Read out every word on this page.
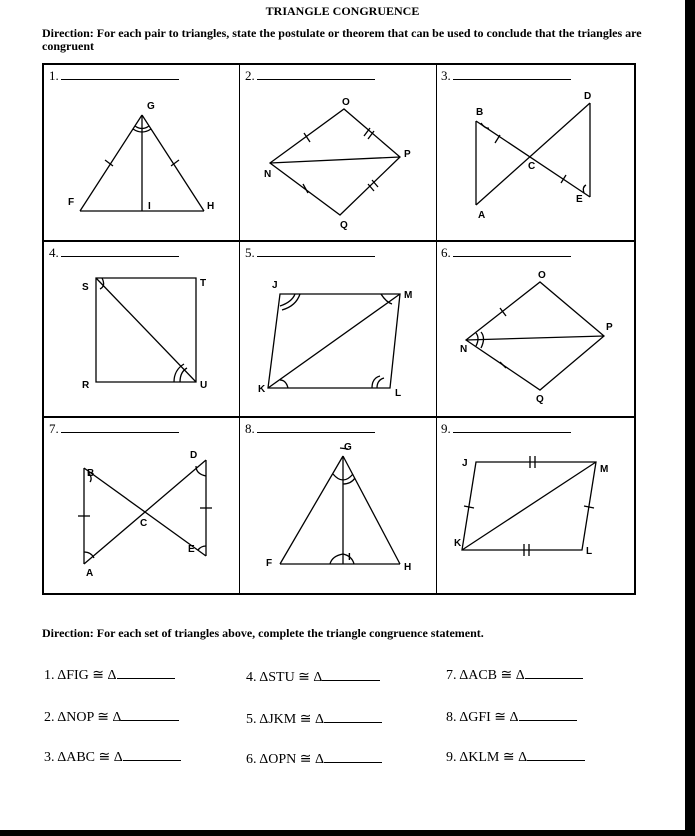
TRIANGLE CONGRUENCE
Direction: For each pair to triangles, state the postulate or theorem that can be used to conclude that the triangles are congruent
1.
G
F	I	H
2.
O
N
P
Q
3.
B
D
C
A
E
4.
S	T
R	U
5.
J
M
K	L
6.
O
N
P
Q
7.
B
D
C
A
E
8.
G
F
I
H
9.
J
M
K
L
Direction: For each set of triangles above, complete the triangle congruence statement.
1. ΔFIG ≅ Δ
2. ΔNOP ≅ Δ
3. ΔABC ≅ Δ
4. ΔSTU ≅ Δ
5. ΔJKM ≅ Δ
6. ΔOPN ≅ Δ
7. ΔACB ≅ Δ
8. ΔGFI ≅ Δ
9. ΔKLM ≅ Δ
